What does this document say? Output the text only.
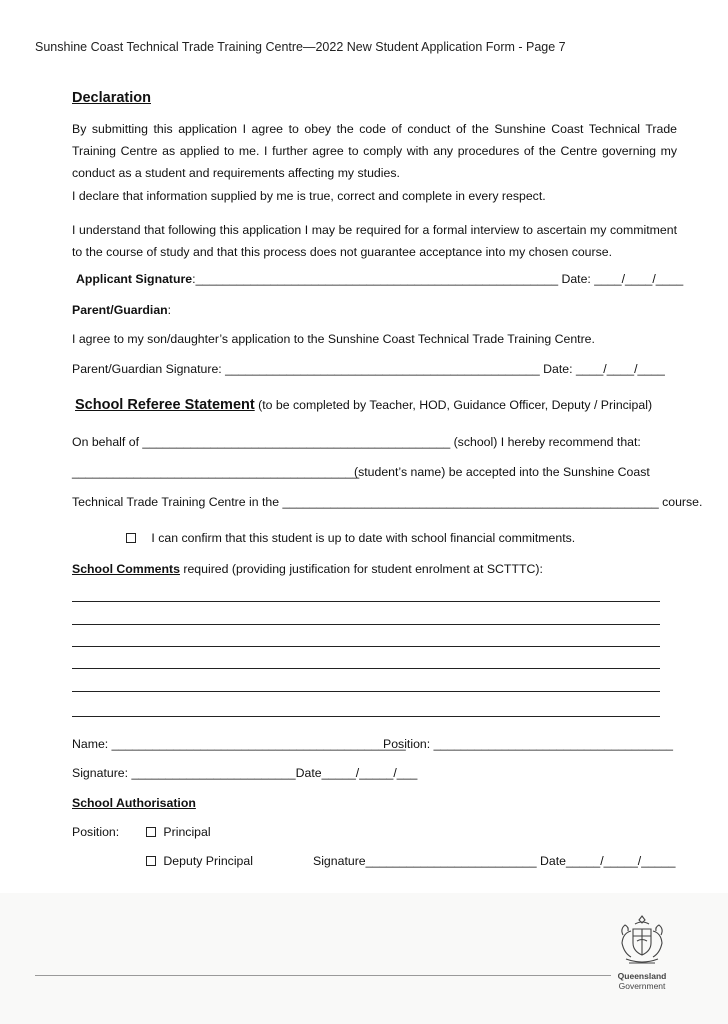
Sunshine Coast Technical Trade Training Centre—2022 New Student Application Form - Page 7
Declaration
By submitting this application I agree to obey the code of conduct of the Sunshine Coast Technical Trade Training Centre as applied to me. I further agree to comply with any procedures of the Centre governing my conduct as a student and requirements affecting my studies.
I declare that information supplied by me is true, correct and complete in every respect.
I understand that following this application I may be required for a formal interview to ascertain my commitment to the course of study and that this process does not guarantee acceptance into my chosen course.
Applicant Signature:_____________________________________________________ Date: ____/____/____
Parent/Guardian:
I agree to my son/daughter’s application to the Sunshine Coast Technical Trade Training Centre.
Parent/Guardian Signature: ______________________________________________ Date: ____/____/____
School Referee Statement (to be completed by Teacher, HOD, Guidance Officer, Deputy / Principal)
On behalf of _____________________________________________ (school) I hereby recommend that:
__________________________________________
(student’s name) be accepted into the Sunshine Coast
Technical Trade Training Centre in the _______________________________________________________ course.
I can confirm that this student is up to date with school financial commitments.
School Comments required (providing justification for student enrolment at SCTTTC):
Name: ___________________________________________
Position: ___________________________________
Signature: ________________________Date_____/_____/___
School Authorisation
Position:	Principal
Deputy Principal	Signature_________________________ Date_____/_____/_____
Queensland
Government
